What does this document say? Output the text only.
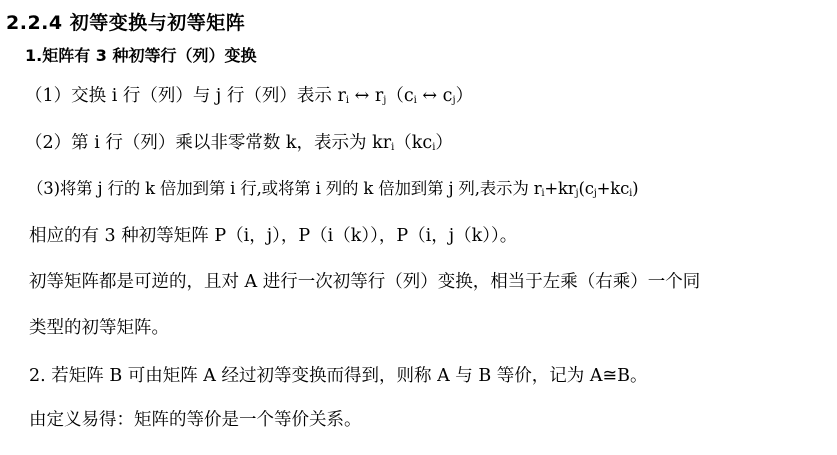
2.2.4 初等变换与初等矩阵
1.矩阵有 3 种初等行（列）变换
（1）交换 i 行（列）与 j 行（列）表示 $r_i$ ↔ $r_j(c_i$ ↔ $c_j$）
（2）第 i 行（列）乘以非零常数 k，表示为 $kr_i(kc_i)$
（3)将第 j 行的 k 倍加到第 i 行,或将第 i 列的 k 倍加到第 j 列,表示为 $r_i+kr_j(c_j+kc_i)$
相应的有 3 种初等矩阵 P（i，j），P（i（k）），P（i，j（k））。
初等矩阵都是可逆的，且对 A 进行一次初等行（列）变换，相当于左乘（右乘）一个同
类型的初等矩阵。
2. 若矩阵 B 可由矩阵 A 经过初等变换而得到，则称 A 与 B 等价，记为 A≅B。
由定义易得：矩阵的等价是一个等价关系。
